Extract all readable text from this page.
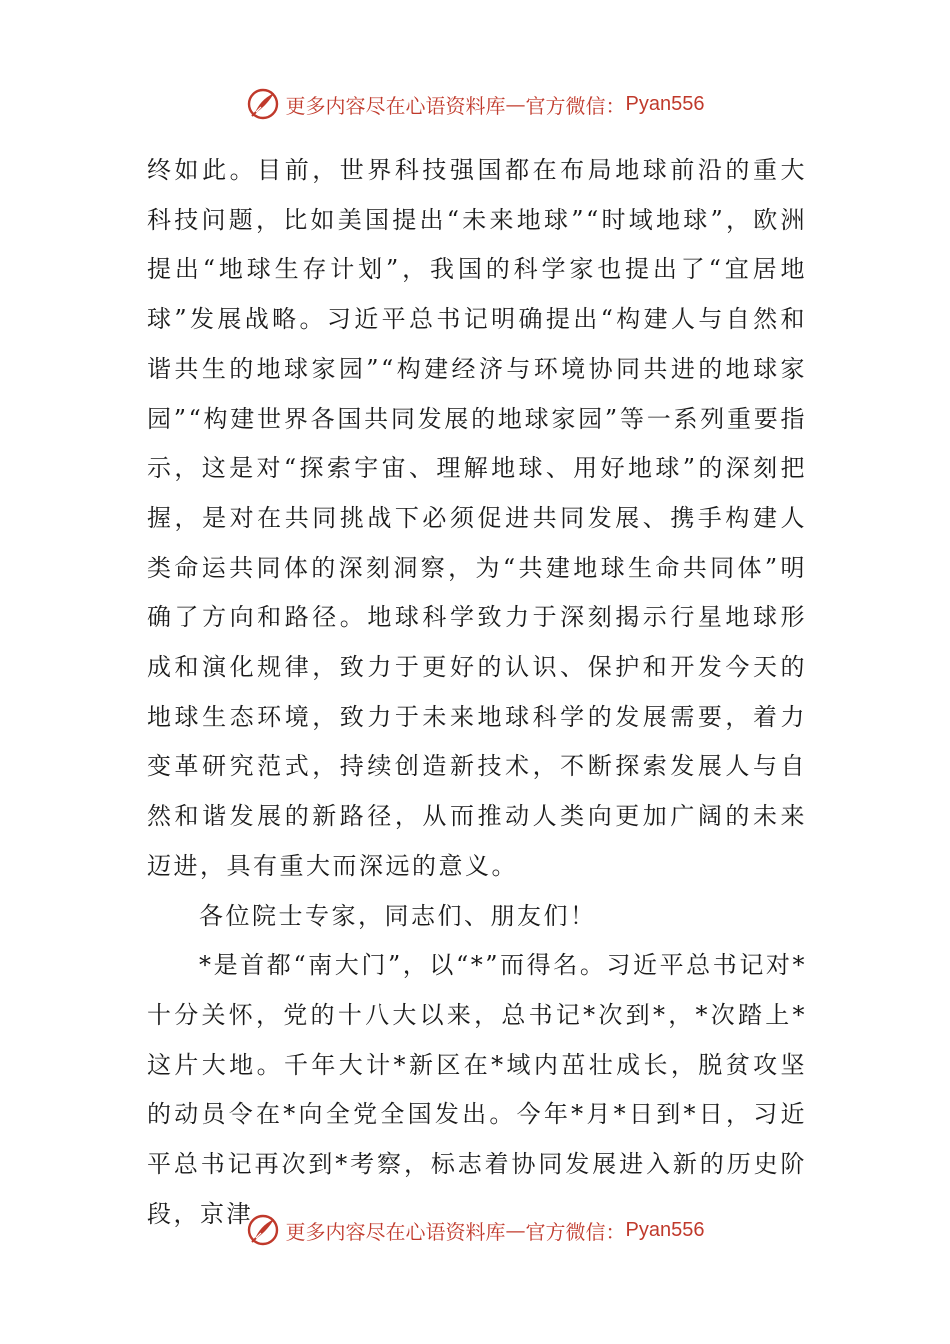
更多内容尽在心语资料库 — 官方微信： Pyan556

终如此。目前，世界科技强国都在布局地球前沿的重大科技问题，比如美国提出“未来地球”“时域地球”，欧洲提出“地球生存计划”，我国的科学家也提出了“宜居地球”发展战略。习近平总书记明确提出“构建人与自然和谐共生的地球家园”“构建经济与环境协同共进的地球家园”“构建世界各国共同发展的地球家园”等一系列重要指示，这是对“探索宇宙、理解地球、用好地球”的深刻把握，是对在共同挑战下必须促进共同发展、携手构建人类命运共同体的深刻洞察，为“共建地球生命共同体”明确了方向和路径。地球科学致力于深刻揭示行星地球形成和演化规律，致力于更好的认识、保护和开发今天的地球生态环境，致力于未来地球科学的发展需要，着力变革研究范式，持续创造新技术，不断探索发展人与自然和谐发展的新路径，从而推动人类向更加广阔的未来迈进，具有重大而深远的意义。

各位院士专家，同志们、朋友们！

*是首都“南大门”，以“*”而得名。习近平总书记对*十分关怀，党的十八大以来，总书记*次到*，*次踏上*这片大地。千年大计*新区在*域内茁壮成长，脱贫攻坚的动员令在*向全党全国发出。今年*月*日到*日，习近平总书记再次到*考察，标志着协同发展进入新的历史阶段，京津

更多内容尽在心语资料库 — 官方微信： Pyan556
